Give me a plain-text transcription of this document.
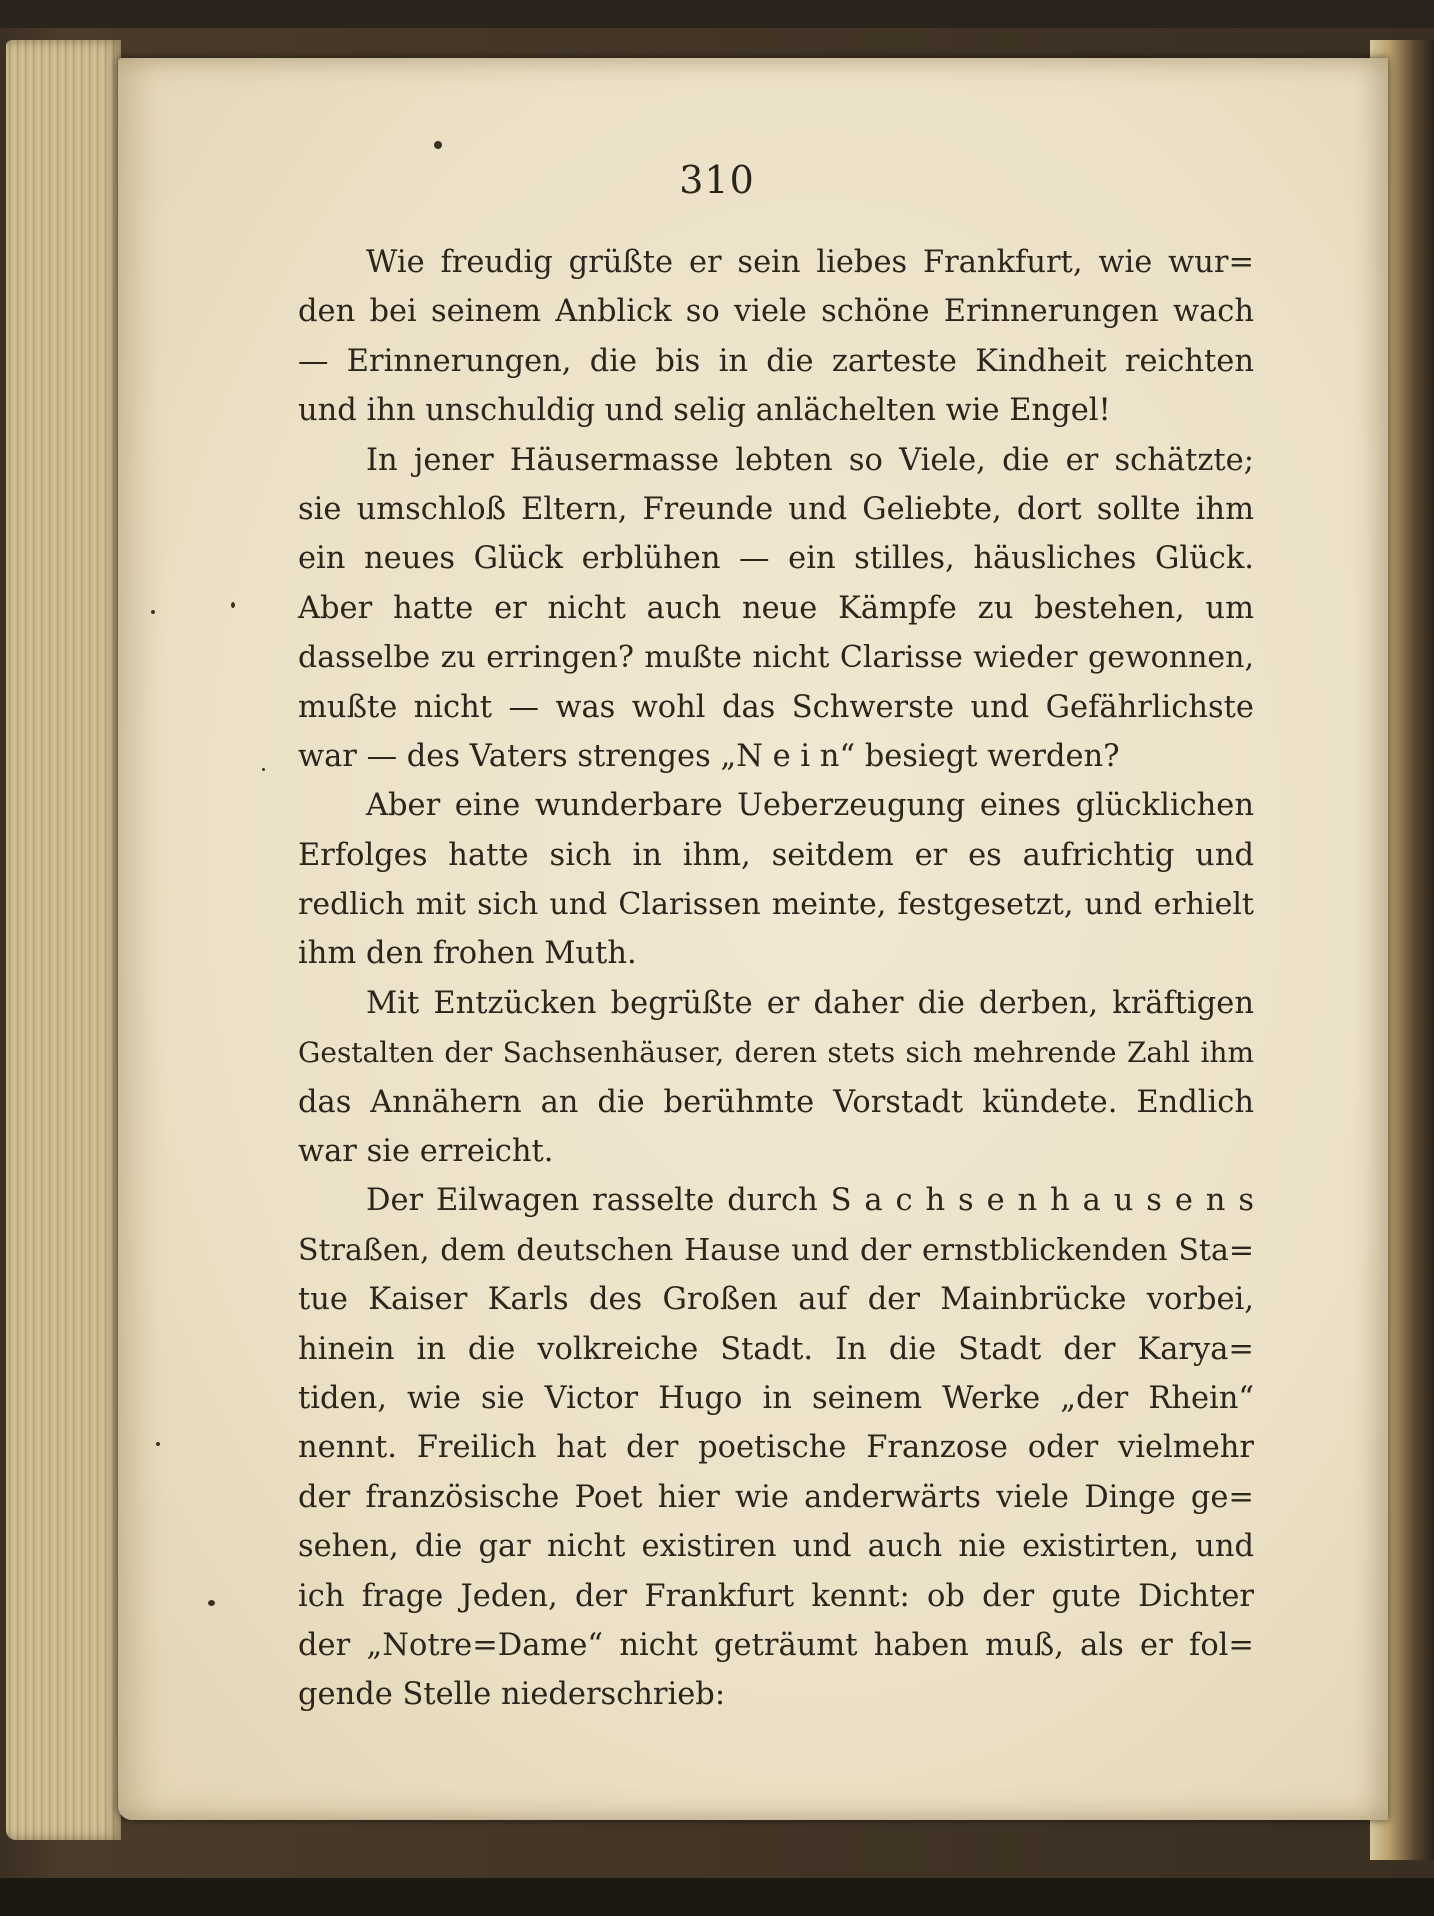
310
Wie freudig grüßte er sein liebes Frankfurt, wie wur=
den bei seinem Anblick so viele schöne Erinnerungen wach
— Erinnerungen, die bis in die zarteste Kindheit reichten
und ihn unschuldig und selig anlächelten wie Engel!
In jener Häusermasse lebten so Viele, die er schätzte;
sie umschloß Eltern, Freunde und Geliebte, dort sollte ihm
ein neues Glück erblühen — ein stilles, häusliches Glück.
Aber hatte er nicht auch neue Kämpfe zu bestehen, um
dasselbe zu erringen? mußte nicht Clarisse wieder gewonnen,
mußte nicht — was wohl das Schwerste und Gefährlichste
war — des Vaters strenges „N e i n“ besiegt werden?
Aber eine wunderbare Ueberzeugung eines glücklichen
Erfolges hatte sich in ihm, seitdem er es aufrichtig und
redlich mit sich und Clarissen meinte, festgesetzt, und erhielt
ihm den frohen Muth.
Mit Entzücken begrüßte er daher die derben, kräftigen
Gestalten der Sachsenhäuser, deren stets sich mehrende Zahl ihm
das Annähern an die berühmte Vorstadt kündete. Endlich
war sie erreicht.
Der Eilwagen rasselte durch S a c h s e n h a u s e n s
Straßen, dem deutschen Hause und der ernstblickenden Sta=
tue Kaiser Karls des Großen auf der Mainbrücke vorbei,
hinein in die volkreiche Stadt. In die Stadt der Karya=
tiden, wie sie Victor Hugo in seinem Werke „der Rhein“
nennt. Freilich hat der poetische Franzose oder vielmehr
der französische Poet hier wie anderwärts viele Dinge ge=
sehen, die gar nicht existiren und auch nie existirten, und
ich frage Jeden, der Frankfurt kennt: ob der gute Dichter
der „Notre=Dame“ nicht geträumt haben muß, als er fol=
gende Stelle niederschrieb:
